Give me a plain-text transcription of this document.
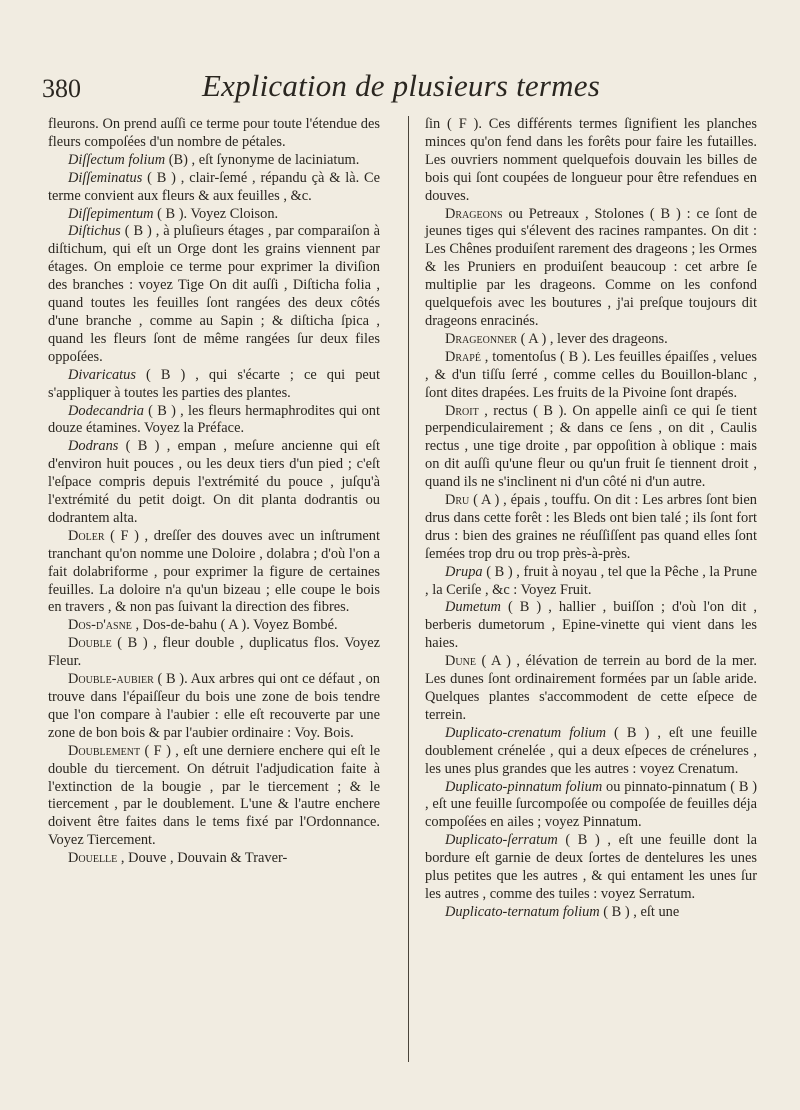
380	Explication de plusieurs termes

fleurons. On prend auſſi ce terme pour toute l'étendue des fleurs compoſées d'un nombre de pétales.

Diſſectum folium (B) , eſt ſynonyme de laciniatum.

Diſſeminatus ( B ) , clair-ſemé , répandu çà & là. Ce terme convient aux fleurs & aux feuilles , &c.

Diſſepimentum ( B ). Voyez Cloison.

Diſtichus ( B ) , à pluſieurs étages , par comparaiſon à diſtichum, qui eſt un Orge dont les grains viennent par étages. On emploie ce terme pour exprimer la diviſion des branches : voyez Tige On dit auſſi , Diſticha folia , quand toutes les feuilles ſont rangées des deux côtés d'une branche , comme au Sapin ; & diſticha ſpica , quand les fleurs ſont de même rangées ſur deux files oppoſées.

Divaricatus ( B ) , qui s'écarte ; ce qui peut s'appliquer à toutes les parties des plantes.

Dodecandria ( B ) , les fleurs hermaphrodites qui ont douze étamines. Voyez la Préface.

Dodrans ( B ) , empan , meſure ancienne qui eſt d'environ huit pouces , ou les deux tiers d'un pied ; c'eſt l'eſpace compris depuis l'extrémité du pouce , juſqu'à l'extrémité du petit doigt. On dit planta dodrantis ou dodrantem alta.

Doler ( F ) , dreſſer des douves avec un inſtrument tranchant qu'on nomme une Doloire , dolabra ; d'où l'on a fait dolabriforme , pour exprimer la figure de certaines feuilles. La doloire n'a qu'un bizeau ; elle coupe le bois en travers , & non pas ſuivant la direction des fibres.

Dos-d'asne , Dos-de-bahu ( A ). Voyez Bombé.

Double ( B ) , fleur double , duplicatus flos. Voyez Fleur.

Double-aubier ( B ). Aux arbres qui ont ce défaut , on trouve dans l'épaiſſeur du bois une zone de bois tendre que l'on compare à l'aubier : elle eſt recouverte par une zone de bon bois & par l'aubier ordinaire : Voy. Bois.

Doublement ( F ) , eſt une derniere enchere qui eſt le double du tiercement. On détruit l'adjudication faite à l'extinction de la bougie , par le tiercement ; & le tiercement , par le doublement. L'une & l'autre enchere doivent être faites dans le tems fixé par l'Ordonnance. Voyez Tiercement.

Douelle , Douve , Douvain & Traver-

ſin ( F ). Ces différents termes ſignifient les planches minces qu'on fend dans les forêts pour faire les futailles. Les ouvriers nomment quelquefois douvain les billes de bois qui ſont coupées de longueur pour être refendues en douves.

Drageons ou Petreaux , Stolones ( B ) : ce ſont de jeunes tiges qui s'élevent des racines rampantes. On dit : Les Chênes produiſent rarement des drageons ; les Ormes & les Pruniers en produiſent beaucoup : cet arbre ſe multiplie par les drageons. Comme on les confond quelquefois avec les boutures , j'ai preſque toujours dit drageons enracinés.

Drageonner ( A ) , lever des drageons.

Drapé , tomentoſus ( B ). Les feuilles épaiſſes , velues , & d'un tiſſu ſerré , comme celles du Bouillon-blanc , ſont dites drapées. Les fruits de la Pivoine ſont drapés.

Droit , rectus ( B ). On appelle ainſi ce qui ſe tient perpendiculairement ; & dans ce ſens , on dit , Caulis rectus , une tige droite , par oppoſition à oblique : mais on dit auſſi qu'une fleur ou qu'un fruit ſe tiennent droit , quand ils ne s'inclinent ni d'un côté ni d'un autre.

Dru ( A ) , épais , touffu. On dit : Les arbres ſont bien drus dans cette forêt : les Bleds ont bien talé ; ils ſont fort drus : bien des graines ne réuſſiſſent pas quand elles ſont ſemées trop dru ou trop près-à-près.

Drupa ( B ) , fruit à noyau , tel que la Pêche , la Prune , la Ceriſe , &c : Voyez Fruit.

Dumetum ( B ) , hallier , buiſſon ; d'où l'on dit , berberis dumetorum , Epine-vinette qui vient dans les haies.

Dune ( A ) , élévation de terrein au bord de la mer. Les dunes ſont ordinairement formées par un ſable aride. Quelques plantes s'accommodent de cette eſpece de terrein.

Duplicato-crenatum folium ( B ) , eſt une feuille doublement crénelée , qui a deux eſpeces de crénelures , les unes plus grandes que les autres : voyez Crenatum.

Duplicato-pinnatum folium ou pinnato-pinnatum ( B ) , eſt une feuille ſurcompoſée ou compoſée de feuilles déja compoſées en ailes ; voyez Pinnatum.

Duplicato-ſerratum ( B ) , eſt une feuille dont la bordure eſt garnie de deux ſortes de dentelures les unes plus petites que les autres , & qui entament les unes ſur les autres , comme des tuiles : voyez Serratum.

Duplicato-ternatum folium ( B ) , eſt une
